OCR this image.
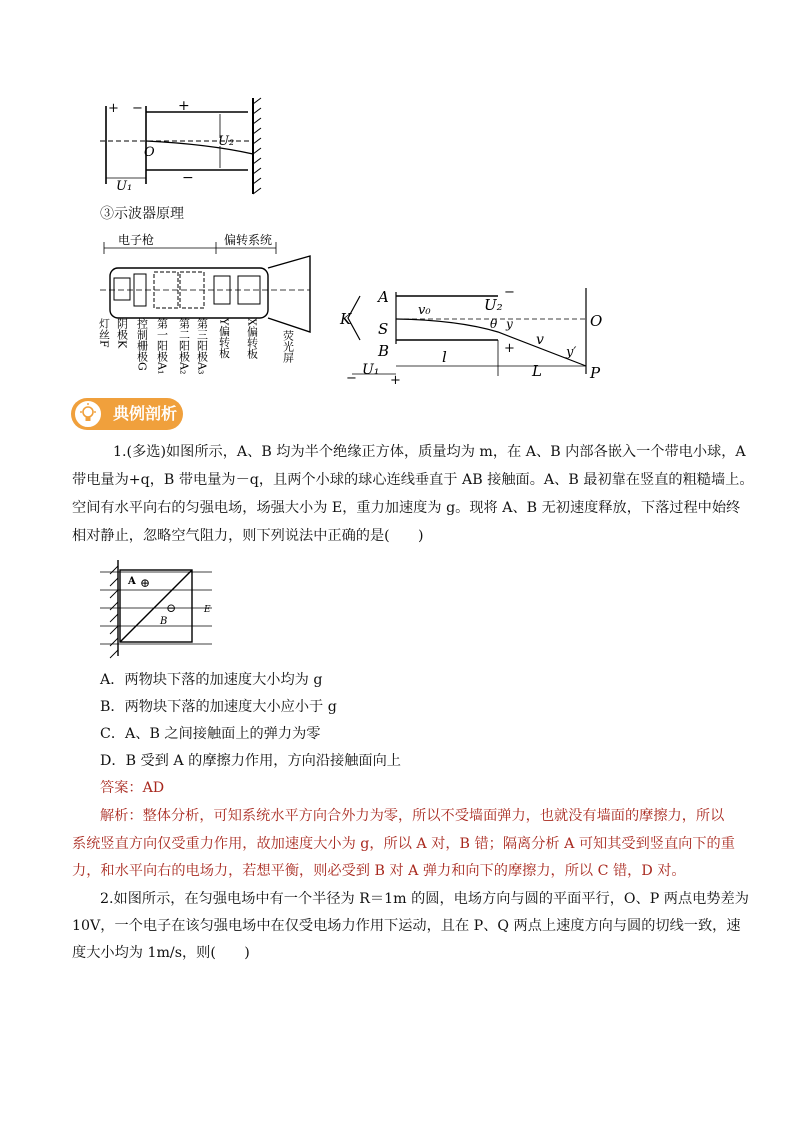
+ −	+
−
O
U₂
U₁
③示波器原理
电子枪	偏转系统
灯丝F 阴极K 控制栅极G 第一阳极A₁ 第二阳极A₂ 第三阳极A₃ Y偏转板 X偏转板 荧光屏
A
K
S
B
O
P
U₂
−
v₀
θ y
+
v
y′
l
L
U₁
−	+
典例剖析
1.(多选)如图所示，A、B 均为半个绝缘正方体，质量均为 m，在 A、B 内部各嵌入一个带电小球，A
带电量为+q，B 带电量为－q，且两个小球的球心连线垂直于 AB 接触面。A、B 最初靠在竖直的粗糙墙上。
空间有水平向右的匀强电场，场强大小为 E，重力加速度为 g。现将 A、B 无初速度释放，下落过程中始终
相对静止，忽略空气阻力，则下列说法中正确的是(　　)
A ⊕
⊖
B
E
A．两物块下落的加速度大小均为 g
B．两物块下落的加速度大小应小于 g
C．A、B 之间接触面上的弹力为零
D．B 受到 A 的摩擦力作用，方向沿接触面向上
答案：AD
解析：整体分析，可知系统水平方向合外力为零，所以不受墙面弹力，也就没有墙面的摩擦力，所以
系统竖直方向仅受重力作用，故加速度大小为 g，所以 A 对，B 错；隔离分析 A 可知其受到竖直向下的重
力，和水平向右的电场力，若想平衡，则必受到 B 对 A 弹力和向下的摩擦力，所以 C 错，D 对。
2.如图所示，在匀强电场中有一个半径为 R＝1m 的圆，电场方向与圆的平面平行，O、P 两点电势差为
10V，一个电子在该匀强电场中在仅受电场力作用下运动，且在 P、Q 两点上速度方向与圆的切线一致，速
度大小均为 1m/s，则(　　)
